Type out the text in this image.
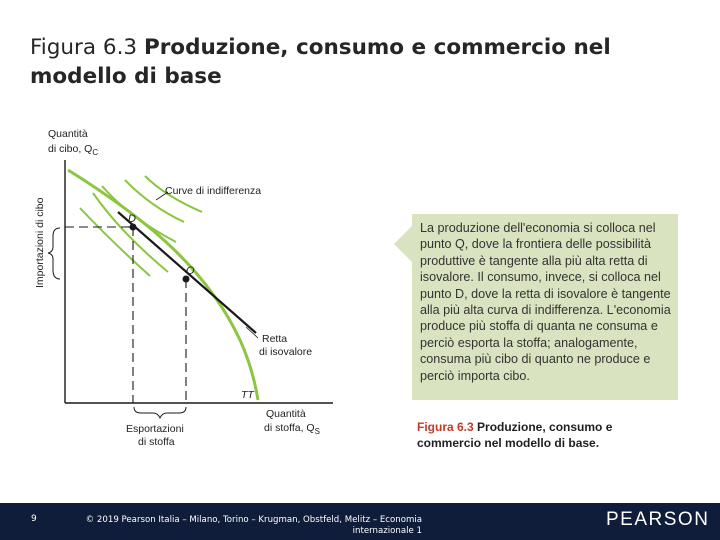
Figura 6.3 Produzione, consumo e commercio nel modello di base
Quantità
di cibo, $Q_C$
Importazioni di cibo
Curve di indifferenza
D
Q
Retta
di isovalore
TT
Quantità
di stoffa, $Q_S$
Esportazioni
di stoffa
La produzione dell'economia si colloca nel punto Q, dove la frontiera delle possibilità produttive è tangente alla più alta retta di isovalore. Il consumo, invece, si colloca nel punto D, dove la retta di isovalore è tangente alla più alta curva di indifferenza. L'economia produce più stoffa di quanta ne consuma e perciò esporta la stoffa; analogamente, consuma più cibo di quanto ne produce e perciò importa cibo.
Figura 6.3 Produzione, consumo e commercio nel modello di base.
9	© 2019 Pearson Italia – Milano, Torino – Krugman, Obstfeld, Melitz – Economia internazionale 1
PEARSON
